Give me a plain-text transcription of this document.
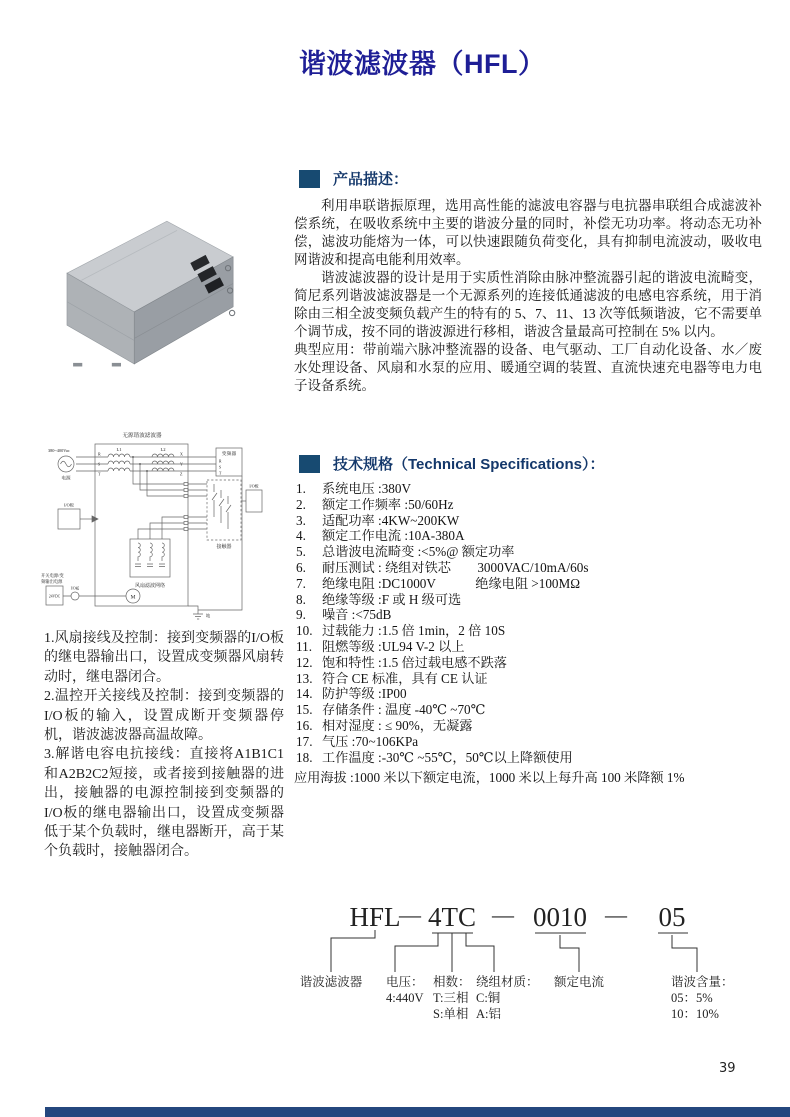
谐波滤波器（HFL）
无源谐波滤波器
380~400Vac
电源
R
S
T
L1	L2
X
Y
Z
变频器
R
S
T
接触器
I/O板
I/O板
风扇滤波网络
开关电源/变
频输出电源
24VDC
I/O板
M
地

1.风扇接线及控制：接到变频器的I/O板的继电器输出口，设置成变频器风扇转动时，继电器闭合。

2.温控开关接线及控制：接到变频器的I/O板的输入，设置成断开变频器停机，谐波滤波器高温故障。

3.解谐电容电抗接线：直接将A1B1C1和A2B2C2短接，或者接到接触器的进出，接触器的电源控制接到变频器的I/O板的继电器输出口，设置成变频器低于某个负载时，继电器断开，高于某个负载时，接触器闭合。

产品描述：

利用串联谐振原理，选用高性能的滤波电容器与电抗器串联组合成滤波补偿系统，在吸收系统中主要的谐波分量的同时，补偿无功功率。将动态无功补偿，滤波功能熔为一体，可以快速跟随负荷变化，具有抑制电流波动，吸收电网谐波和提高电能利用效率。

谐波滤波器的设计是用于实质性消除由脉冲整流器引起的谐波电流畸变，简尼系列谐波滤波器是一个无源系列的连接低通滤波的电感电容系统，用于消除由三相全波变频负载产生的特有的 5、7、11、13 次等低频谐波，它不需要单个调节成，按不同的谐波源进行移相，谐波含量最高可控制在 5% 以内。

典型应用：带前端六脉冲整流器的设备、电气驱动、工厂自动化设备、水／废水处理设备、风扇和水泵的应用、暖通空调的装置、直流快速充电器等电力电子设备系统。

技术规格（Technical Specifications）：
1.	系统电压 :380V
2.	额定工作频率 :50/60Hz
3.	适配功率 :4KW~200KW
4.	额定工作电流 :10A-380A
5.	总谐波电流畸变 :<5%@ 额定功率
6.	耐压测试 : 绕组对铁芯　　3000VAC/10mA/60s
7.	绝缘电阻 :DC1000V　　　绝缘电阻 >100MΩ
8.	绝缘等级 :F 或 H 级可选
9.	噪音 :<75dB
10. 过载能力 :1.5 倍 1min，2 倍 10S
11. 阻燃等级 :UL94 V-2 以上
12. 饱和特性 :1.5 倍过载电感不跌落
13. 符合 CE 标准，具有 CE 认证
14. 防护等级 :IP00
15. 存储条件 : 温度 -40℃ ~70℃
16. 相对湿度 : ≤ 90%，无凝露
17. 气压 :70~106KPa
18. 工作温度 :-30℃ ~55℃，50℃以上降额使用
应用海拔 :1000 米以下额定电流，1000 米以上每升高 100 米降额 1%
HFL
— 4TC — 0010 — 05
谐波滤波器 电压：
4:440V
相数：
T:三相
S:单相
绕组材质：
C:铜
A:铝
额定电流	谐波含量：
05：5%
10：10%
39
